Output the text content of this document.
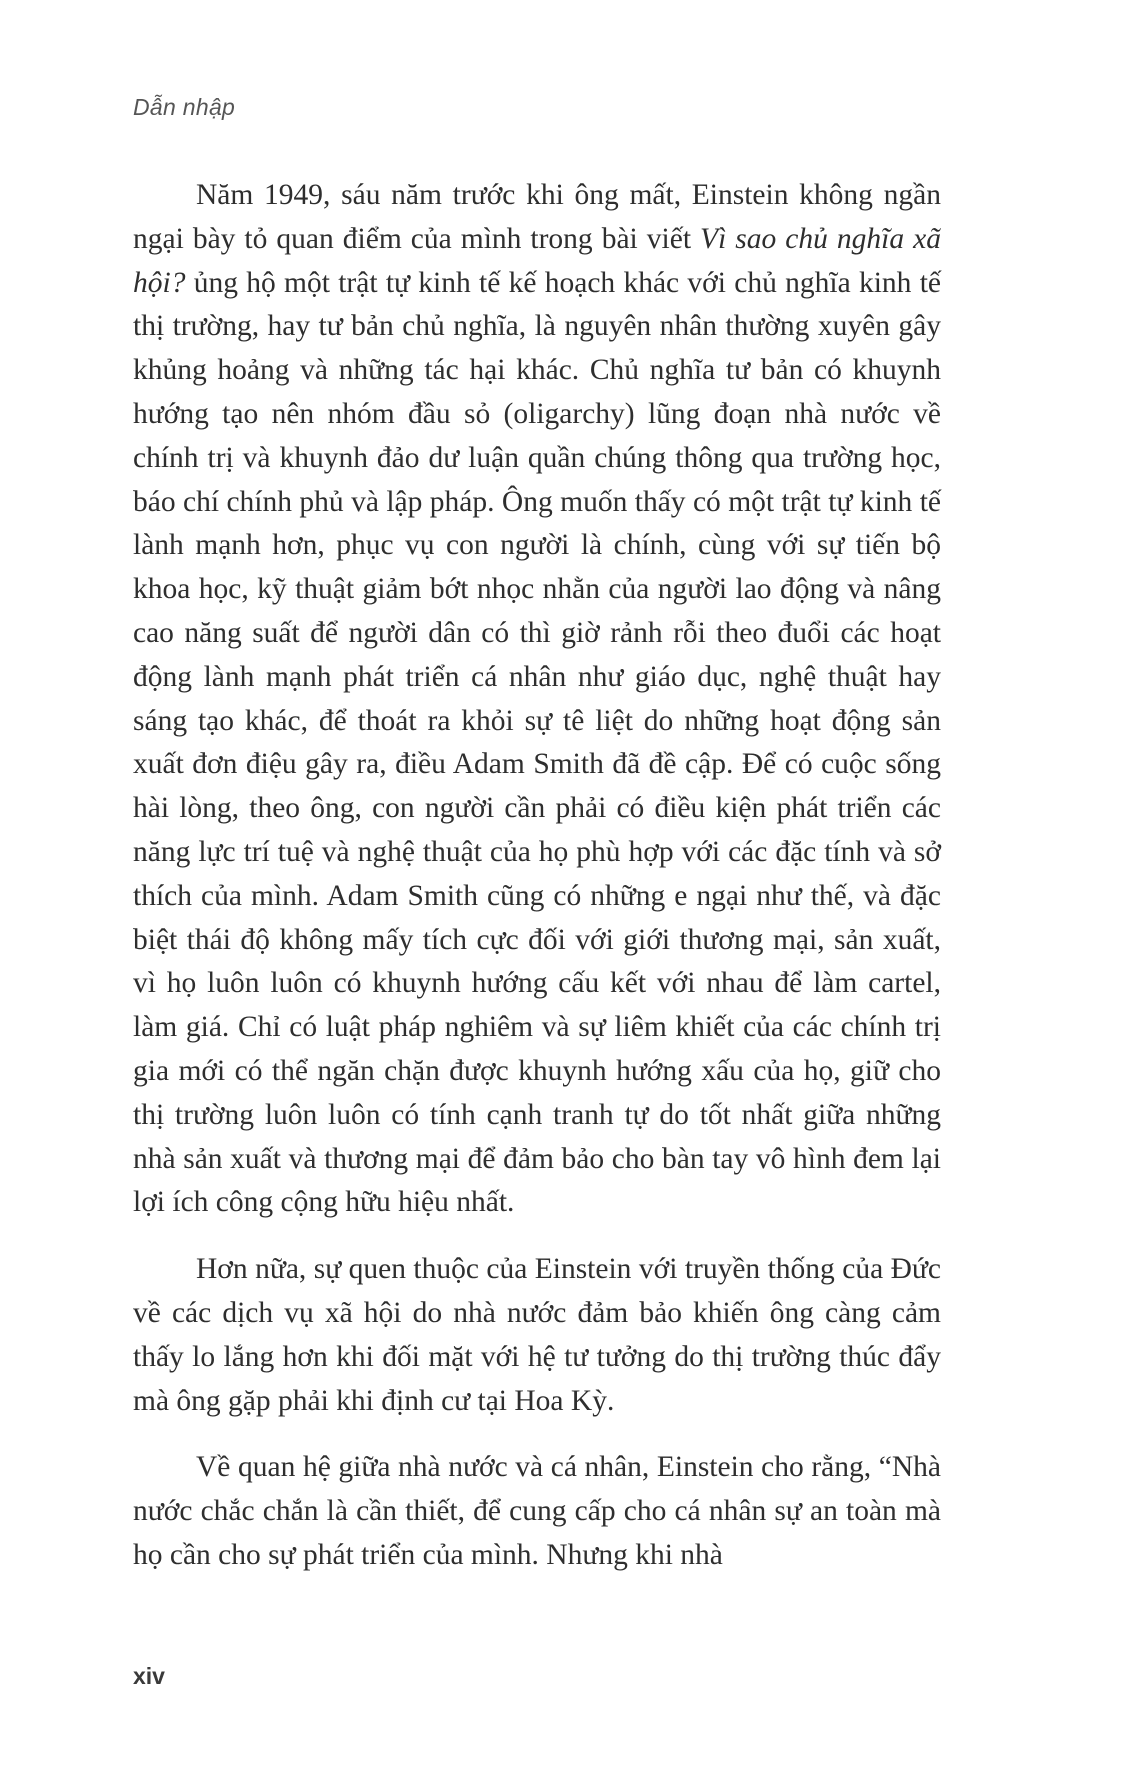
Dẫn nhập

Năm 1949, sáu năm trước khi ông mất, Einstein không ngần ngại bày tỏ quan điểm của mình trong bài viết Vì sao chủ nghĩa xã hội? ủng hộ một trật tự kinh tế kế hoạch khác với chủ nghĩa kinh tế thị trường, hay tư bản chủ nghĩa, là nguyên nhân thường xuyên gây khủng hoảng và những tác hại khác. Chủ nghĩa tư bản có khuynh hướng tạo nên nhóm đầu sỏ (oligarchy) lũng đoạn nhà nước về chính trị và khuynh đảo dư luận quần chúng thông qua trường học, báo chí chính phủ và lập pháp. Ông muốn thấy có một trật tự kinh tế lành mạnh hơn, phục vụ con người là chính, cùng với sự tiến bộ khoa học, kỹ thuật giảm bớt nhọc nhằn của người lao động và nâng cao năng suất để người dân có thì giờ rảnh rỗi theo đuổi các hoạt động lành mạnh phát triển cá nhân như giáo dục, nghệ thuật hay sáng tạo khác, để thoát ra khỏi sự tê liệt do những hoạt động sản xuất đơn điệu gây ra, điều Adam Smith đã đề cập. Để có cuộc sống hài lòng, theo ông, con người cần phải có điều kiện phát triển các năng lực trí tuệ và nghệ thuật của họ phù hợp với các đặc tính và sở thích của mình. Adam Smith cũng có những e ngại như thế, và đặc biệt thái độ không mấy tích cực đối với giới thương mại, sản xuất, vì họ luôn luôn có khuynh hướng cấu kết với nhau để làm cartel, làm giá. Chỉ có luật pháp nghiêm và sự liêm khiết của các chính trị gia mới có thể ngăn chặn được khuynh hướng xấu của họ, giữ cho thị trường luôn luôn có tính cạnh tranh tự do tốt nhất giữa những nhà sản xuất và thương mại để đảm bảo cho bàn tay vô hình đem lại lợi ích công cộng hữu hiệu nhất.

Hơn nữa, sự quen thuộc của Einstein với truyền thống của Đức về các dịch vụ xã hội do nhà nước đảm bảo khiến ông càng cảm thấy lo lắng hơn khi đối mặt với hệ tư tưởng do thị trường thúc đẩy mà ông gặp phải khi định cư tại Hoa Kỳ.

Về quan hệ giữa nhà nước và cá nhân, Einstein cho rằng, “Nhà nước chắc chắn là cần thiết, để cung cấp cho cá nhân sự an toàn mà họ cần cho sự phát triển của mình. Nhưng khi nhà

xiv
